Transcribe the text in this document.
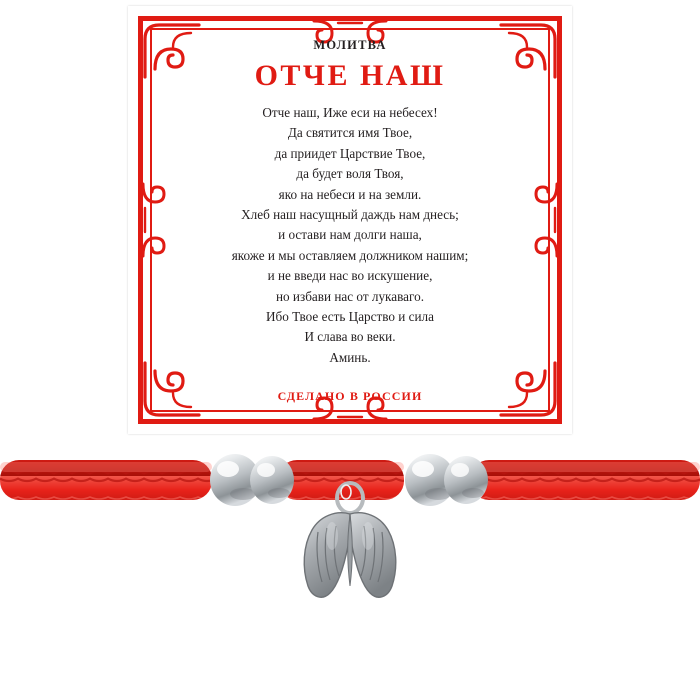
МОЛИТВА
ОТЧЕ НАШ
Отче наш, Иже еси на небесех!
Да святится имя Твое,
да приидет Царствие Твое,
да будет воля Твоя,
яко на небеси и на земли.
Хлеб наш насущный даждь нам днесь;
и остави нам долги наша,
якоже и мы оставляем должником нашим;
и не введи нас во искушение,
но избави нас от лукаваго.
Ибо Твое есть Царство и сила
И слава во веки.
Аминь.
СДЕЛАНО В РОССИИ
